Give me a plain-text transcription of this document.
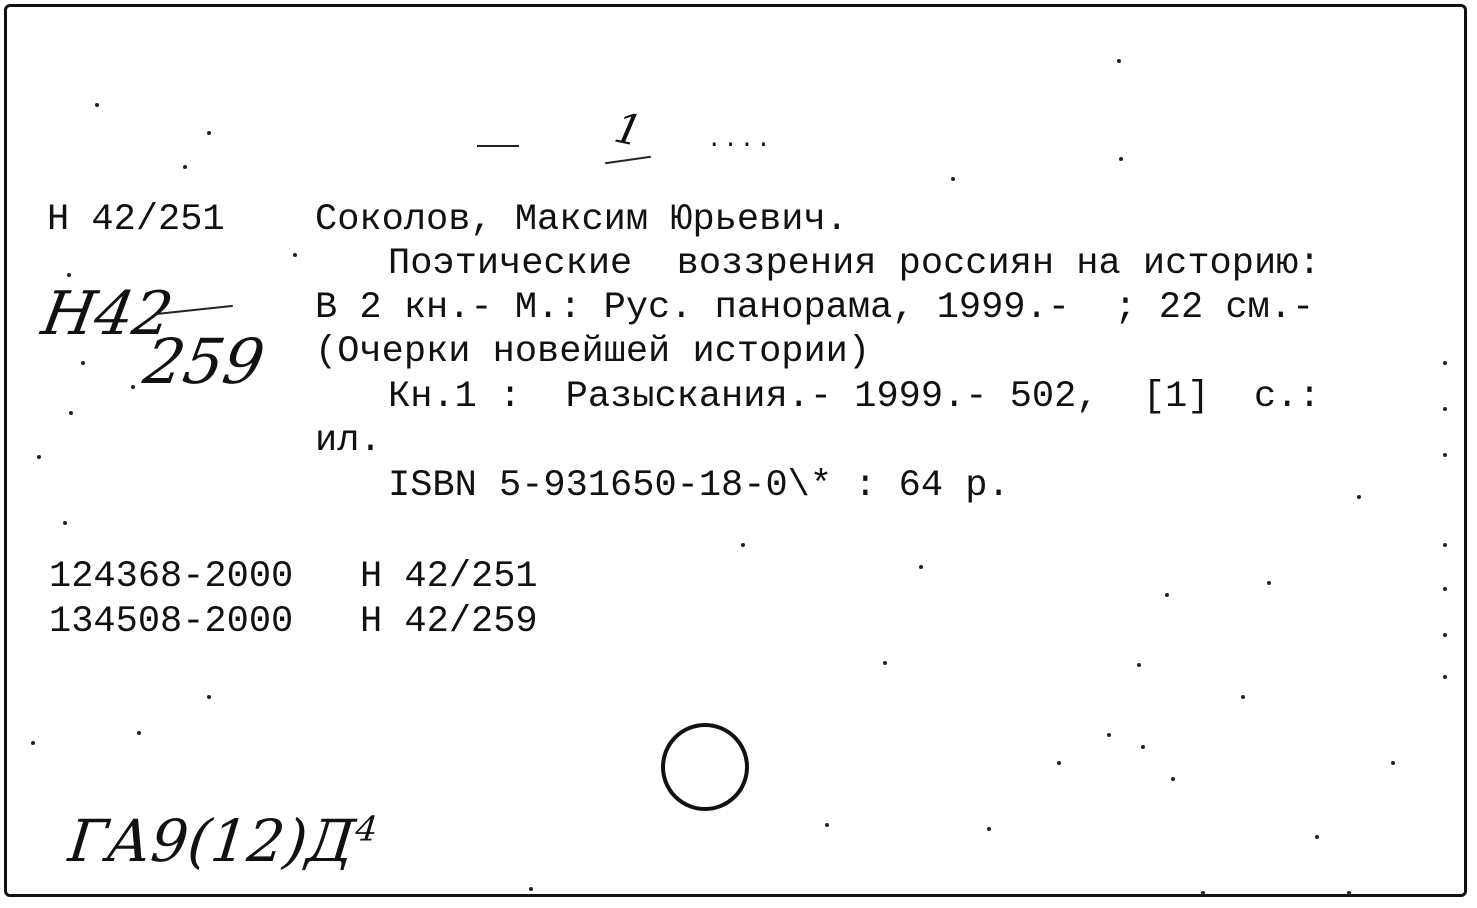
1	....
Н 42/251 Соколов, Максим Юрьевич.
Поэтические  воззрения россиян на историю:
В 2 кн.- М.: Рус. панорама, 1999.-  ; 22 см.-
(Очерки новейшей истории)
Кн.1 :  Разыскания.- 1999.- 502,  [1]  с.:
ил.
ISBN 5-931650-18-0\* : 64 р.
Н42
259
124368-2000 Н 42/251
134508-2000 Н 42/259
$ГА9(12)Д^4$
